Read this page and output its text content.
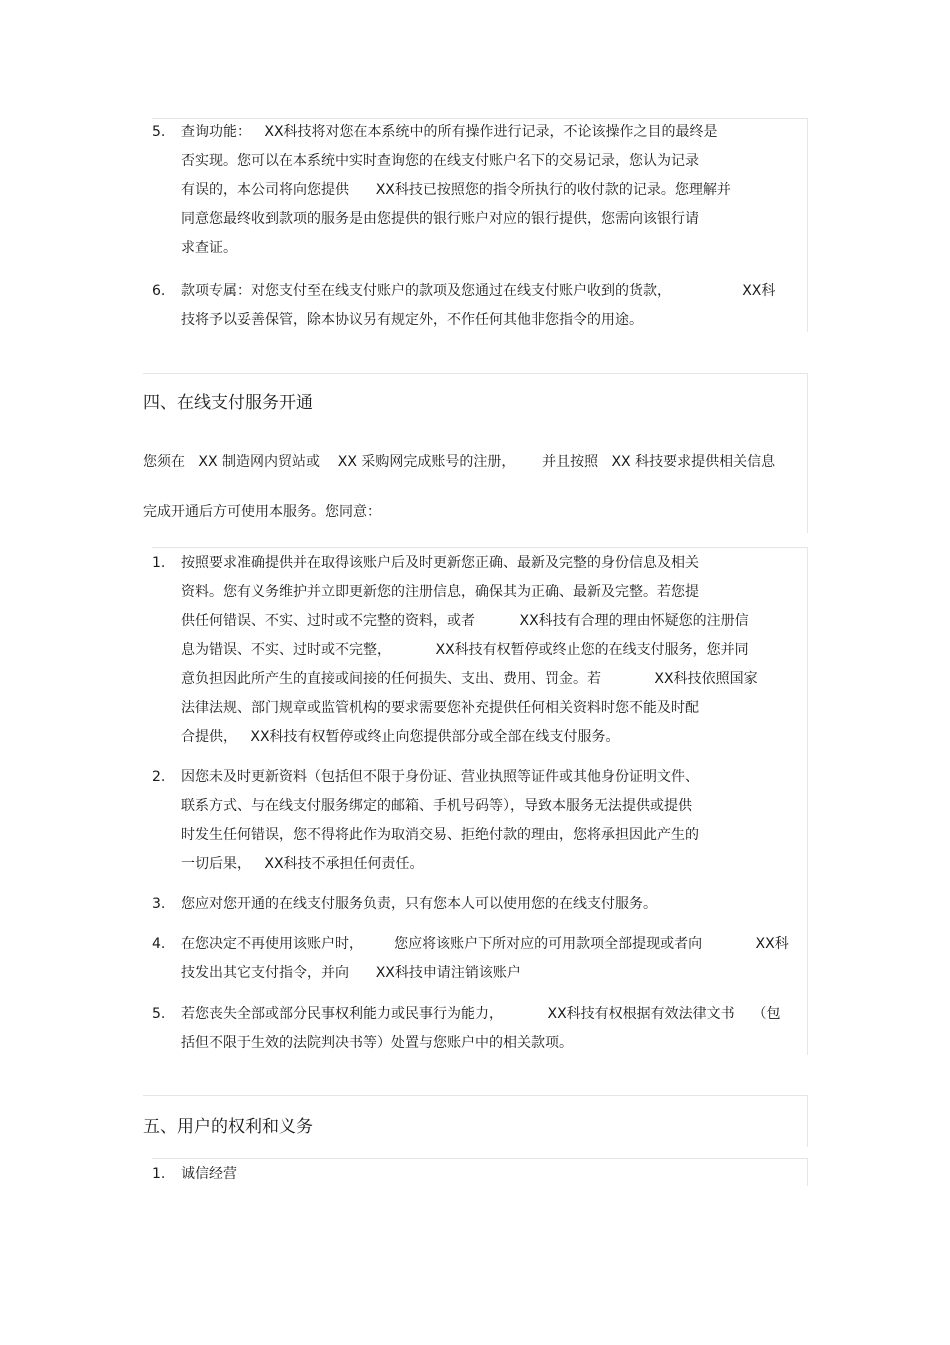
5.	查询功能：   XX科技将对您在本系统中的所有操作进行记录，不论该操作之目的最终是
否实现。您可以在本系统中实时查询您的在线支付账户名下的交易记录，您认为记录
有误的，本公司将向您提供      XX科技已按照您的指令所执行的收付款的记录。您理解并
同意您最终收到款项的服务是由您提供的银行账户对应的银行提供，您需向该银行请
求查证。
6.	款项专属：对您支付至在线支付账户的款项及您通过在线支付账户收到的货款，                XX科
技将予以妥善保管，除本协议另有规定外，不作任何其他非您指令的用途。
四、在线支付服务开通
您须在   XX 制造网内贸站或    XX 采购网完成账号的注册，      并且按照   XX 科技要求提供相关信息
完成开通后方可使用本服务。您同意：
1.	按照要求准确提供并在取得该账户后及时更新您正确、最新及完整的身份信息及相关
资料。您有义务维护并立即更新您的注册信息，确保其为正确、最新及完整。若您提
供任何错误、不实、过时或不完整的资料，或者          XX科技有合理的理由怀疑您的注册信
息为错误、不实、过时或不完整，          XX科技有权暂停或终止您的在线支付服务，您并同
意负担因此所产生的直接或间接的任何损失、支出、费用、罚金。若            XX科技依照国家
法律法规、部门规章或监管机构的要求需要您补充提供任何相关资料时您不能及时配
合提供，   XX科技有权暂停或终止向您提供部分或全部在线支付服务。
2.	因您未及时更新资料（包括但不限于身份证、营业执照等证件或其他身份证明文件、
联系方式、与在线支付服务绑定的邮箱、手机号码等），导致本服务无法提供或提供
时发生任何错误，您不得将此作为取消交易、拒绝付款的理由，您将承担因此产生的
一切后果，   XX科技不承担任何责任。
3.	您应对您开通的在线支付服务负责，只有您本人可以使用您的在线支付服务。
4.	在您决定不再使用该账户时，       您应将该账户下所对应的可用款项全部提现或者向            XX科
技发出其它支付指令，并向      XX科技申请注销该账户
5.	若您丧失全部或部分民事权利能力或民事行为能力，          XX科技有权根据有效法律文书    （包
括但不限于生效的法院判决书等）处置与您账户中的相关款项。
五、用户的权利和义务
1.	诚信经营
